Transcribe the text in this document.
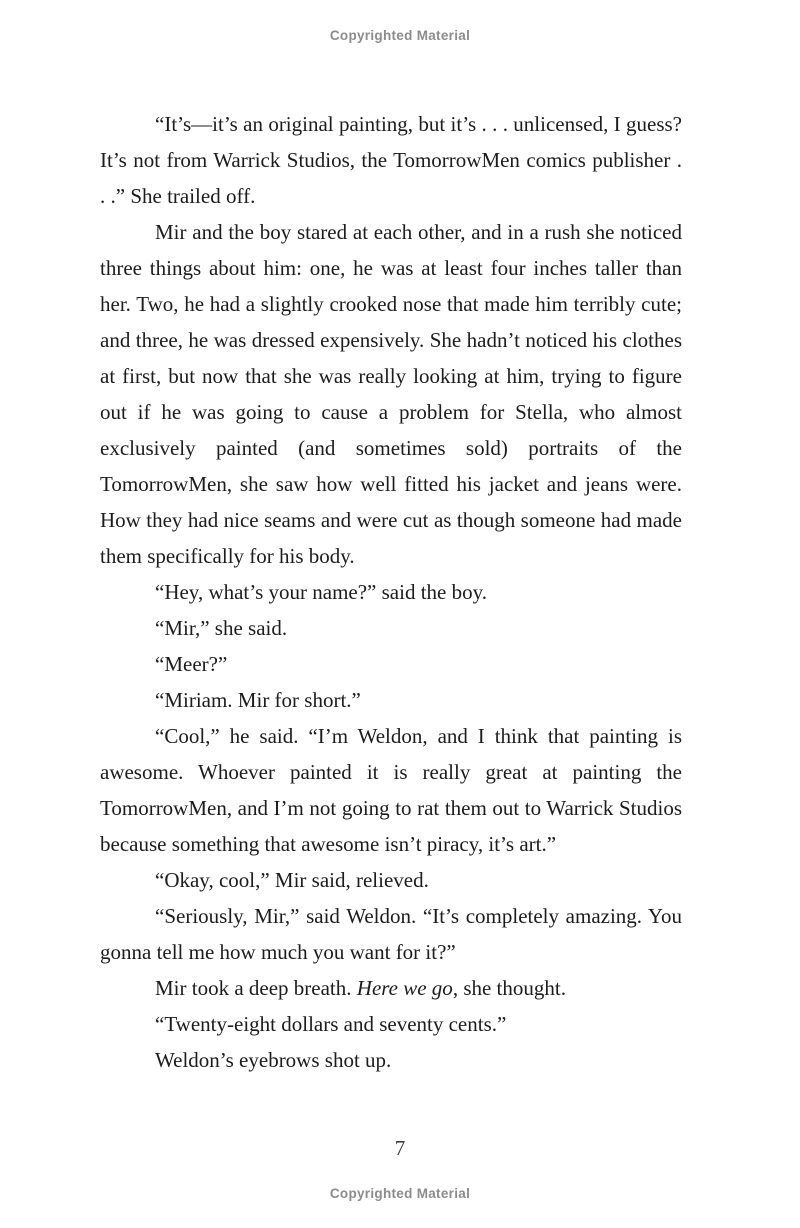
Copyrighted Material

“It’s—it’s an original painting, but it’s . . . unlicensed, I guess? It’s not from Warrick Studios, the TomorrowMen comics publisher . . .” She trailed off.

Mir and the boy stared at each other, and in a rush she noticed three things about him: one, he was at least four inches taller than her. Two, he had a slightly crooked nose that made him terribly cute; and three, he was dressed expensively. She hadn’t noticed his clothes at first, but now that she was really looking at him, trying to figure out if he was going to cause a problem for Stella, who almost exclusively painted (and sometimes sold) portraits of the TomorrowMen, she saw how well fitted his jacket and jeans were. How they had nice seams and were cut as though someone had made them specifically for his body.

“Hey, what’s your name?” said the boy.

“Mir,” she said.

“Meer?”

“Miriam. Mir for short.”

“Cool,” he said. “I’m Weldon, and I think that painting is awesome. Whoever painted it is really great at painting the TomorrowMen, and I’m not going to rat them out to Warrick Studios because something that awesome isn’t piracy, it’s art.”

“Okay, cool,” Mir said, relieved.

“Seriously, Mir,” said Weldon. “It’s completely amazing. You gonna tell me how much you want for it?”

Mir took a deep breath. Here we go, she thought.

“Twenty-eight dollars and seventy cents.”

Weldon’s eyebrows shot up.

7
Copyrighted Material
